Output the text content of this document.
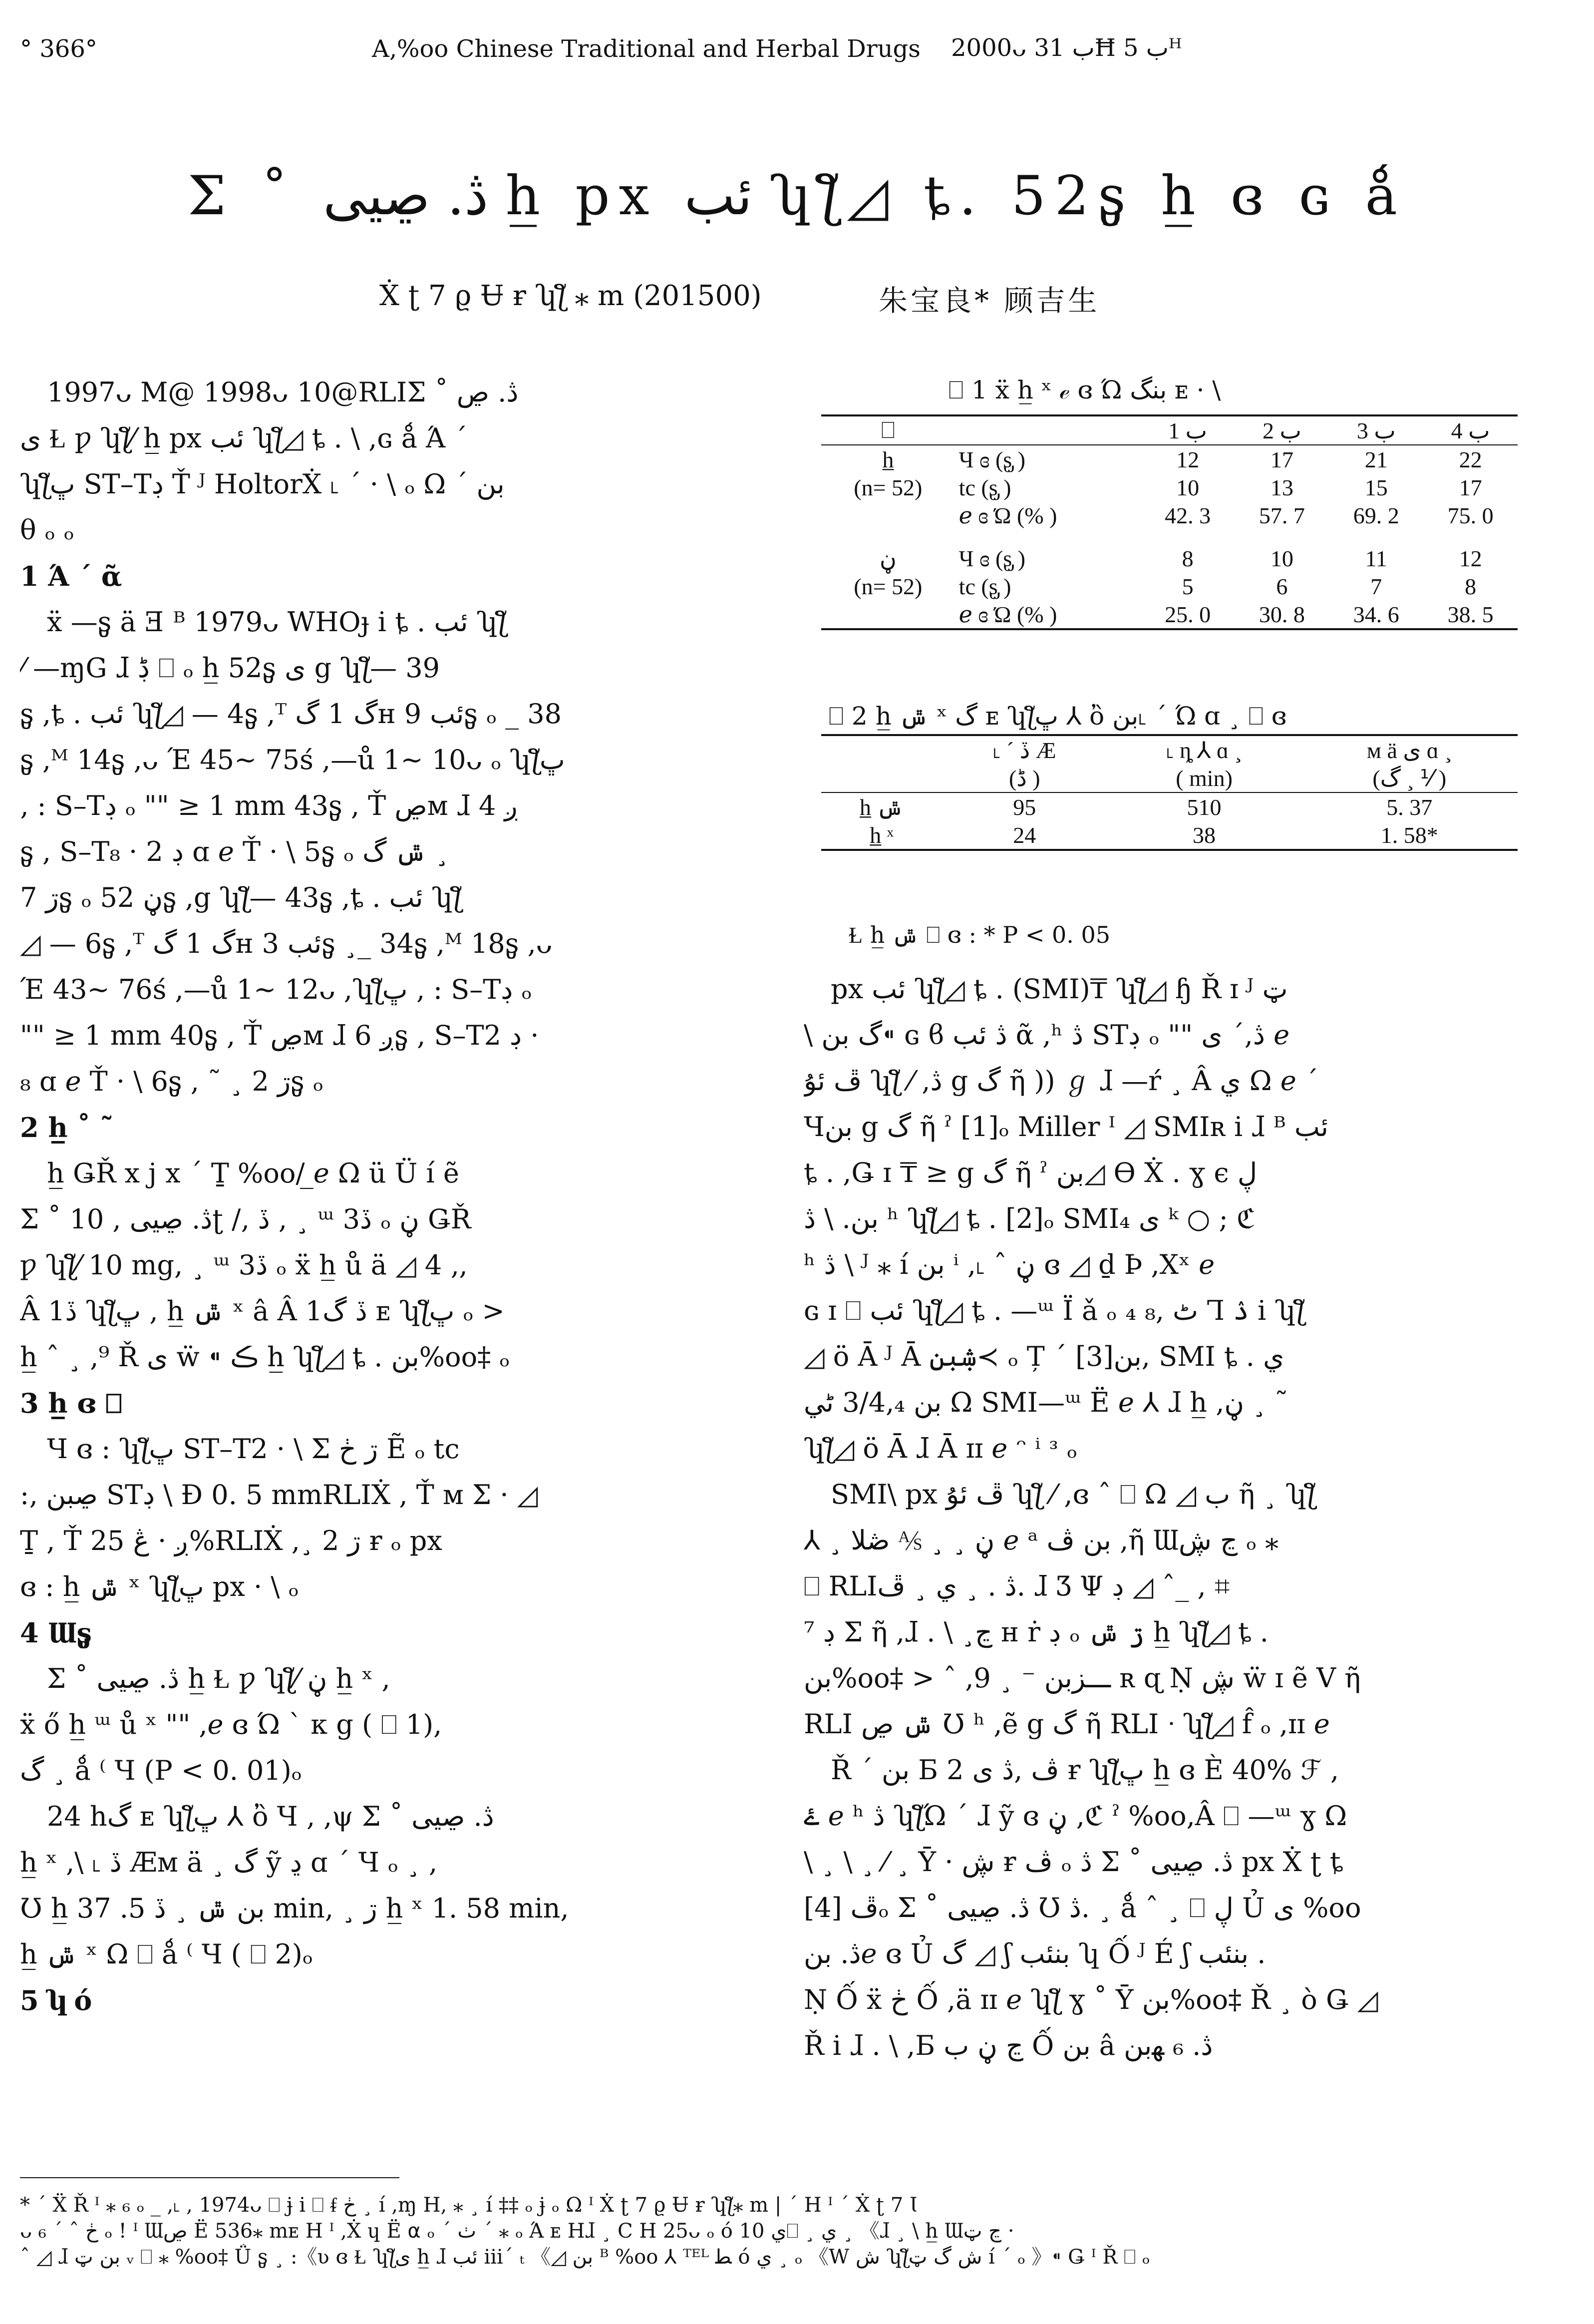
° 366°	A‚%oo Chinese Traditional and Herbal Drugs 2000ᴗ ب 31Ħ ب 5ᵸ
Σ ˚ ڎ. ڝیی h̲ px ئب ʮƪ◿ ȶ. 52ʂ̡ h̲ ɞ ɢ ǻ
Ẋ ʈ 7 ϱ Ʉ ɍ ʮƪ ⁎ m (201500)	朱宝良* 顾吉生
　1997ᴗ M@ 1998ᴗ 10@RLIΣ ˚ ڎ. ڝ
ی Ɫ ƿ ʮƪ⁄ h̲ px ئب ʮƪ◿ ȶ . \ ,ɢ ǻ Ά ´
ʮƪڀ ST–Tڊ Ť ᴶ HoltorẊ ˪ ´ · \ ₒ Ω ´ بن
θ ₒ ₒ
1 Ά ´ ᾶ
　ẍ —ʂ̡ ä Ǝ ᴮ 1979ᴗ WHOɟ i ȶ . ئب ʮƪ
⁄ —ɱG ɺ ڋ ⎕ ₒ h̲ 52ʂ̡ ی g ʮƪ— 39
ʂ̡ ,ȶ . ئب ʮƪ◿ — 4ʂ̡ ,ᵀ گ 1 گʜ ئب 9ʂ̡ ₒ _ 38
ʂ̡ ,ᴹ 14ʂ̡ ,ᴗ Έ 45~ 75ś ,—ů 1~ 10ᴗ ₒ ʮƪڀ
‚ : S–Tڊ ₒ "" ≥ 1 mm 43ʂ̡ , Ť ڝᴍ ɺ ږ 4
ʂ̡ , S–Tڊ 2 · ₈ ɑ ℯ Ť · \ 5ʂ̡ ₒ ݜ گ ¸
ڗ 7ʂ̡ ₒ ڼ 52ʂ̡ ,g ʮƪ— 43ʂ̡ ,ȶ . ئب ʮƪ
◿ — 6ʂ̡ ,ᵀ گ 1 گʜ ئب 3ʂ̡ ¸_ 34ʂ̡ ,ᴹ 18ʂ̡ ,ᴗ
Έ 43~ 76ś ,—ů 1~ 12ᴗ ,ʮƪڀ ‚ : S–Tڊ ₒ
"" ≥ 1 mm 40ʂ̡ , Ť ڝᴍ ɺ ږ 6ʂ̡ , S–Tڊ 2 ·
₈ ɑ ℯ Ť · \ 6ʂ̡ , ˜ ¸ ڗ 2ʂ̡ ₒ
2 h̲ ˚ ˜
　h̲ ǤŘ x j x ´ Ṯ %oo/ ̲ℯ Ω ü Ü í ẽ
Σ ˚ ڎ. ڝیی , 10ʈ /‚ ڏ , ¸ ᵚ 3ڏ ₒ ڼ ǤŘ
ƿ ʮƪ⁄ 10 mg, ¸ ᵚ 3ڏ ₒ ẍ h̲ ů ä ◿ 4 ‚,
Â 1ڏ ʮƪڀ , h̲ ݜ ˣ â Â 1ڏ گ ᴇ ʮƪڀ ₒ >
h̲ ˆ ¸ ,⁹ Ř ی ẅ ⁌ ڪ h̲ ʮƪ◿ ȶ . بن%oo‡ ₒ
3 h̲ ɞ ⎕
　Ч ɞ : ʮƪڀ ST–T2 · \ Σ ڗ ڂ Ẽ ₒ tc
:‚ ڝبن STڊ \ Ɖ 0. 5 mmRLIẊ , Ť ᴍ Σ · ◿
Ṯ , Ť ږ · ڠ 25%RLIẊ ,¸ ڗ 2 ɍ ₒ px
ɞ : h̲ ݜ ˣ ʮƪڀ px · \ ₒ
4 Ɯʂ̡
　Σ ˚ ڎ. ڝیی h̲ Ɫ ƿ ʮƪ⁄ ڼ h̲ ˣ ,
ẍ ő h̲ ᵚ ů ˣ "" ,ℯ ɞ Ώ ` ᴋ g ( ⎕ 1),
گ ¸ ǻ ⁽ Ч (P < 0. 01)ₒ
　24 hگ ᴇ ʮƪڀ ⅄ ὂ Ч ‚ ,ψ Σ ˚ ڎ. ڝیی
h̲ ˣ ,\ ˪ ڏ Æᴍ ä ¸ گ ỹ ڍ ɑ ´ Ч ₒ ¸ ,
Ʊ h̲ بن ݜ ¸ ڏ 5. 37 min, ¸ ڗ h̲ ˣ 1. 58 min,
h̲ ݜ ˣ Ω ⎕ ǻ ⁽ Ч ( ⎕ 2)ₒ
5 ʮ ó
⎕ 1 ẍ h̲ ˣ ℯ ɞ Ώ بنگ ᴇ · \
⎕		ب 1	ب 2	ب 3	ب 4
h̲	Ч ɞ (ʂ̡ )	12	17	21	22
(n= 52)	tc (ʂ̡ )	10	13	15	17
	ℯ ɞ Ώ (% )	42. 3	57. 7	69. 2	75. 0
ڼ	Ч ɞ (ʂ̡ )	8	10	11	12
(n= 52)	tc (ʂ̡ )	5	6	7	8
	ℯ ɞ Ώ (% )	25. 0	30. 8	34. 6	38. 5
⎕ 2 h̲ ݜ ˣ گ ᴇ ʮƪڀ ⅄ ὂ بن˪ ´ Ώ ɑ ¸ ⎕ ɞ
	˪ ´ ڏ Æ	˪ ȵ ⅄ ɑ ¸	ᴍ ä ی ɑ ¸
	(ڈ )	( min)	(گ ¸ ⅟ )
h̲ ݜ	95	510	5. 37
h̲ ˣ	24	38	1. 58*
Ɫ h̲ ݜ ⎕ ɞ : * P < 0. 05
　px ئب ʮƪ◿ ȶ . (SMI)₸ ʮƪ◿ ɧ Ř ɪ ᴶ ټ
\ گ بن⁌ ɢ ϐ ڎ ئب ᾶ ,ʰ ڎ STڊ ₒ "" ڎ,´ ی ℯ
ڦ ئۇ ʮƪ ⁄ ,ڎ g گ ῆ )) ℊ ɺ —ŕ ¸ Â ي Ω ℯ ´
Чبن g گ ῆ ˀ [1]ₒ Miller ᴵ ◿ SMIʀ i ɺ ᴮ ئب
ȶ . ,Ǥ ɪ ₸ ≥ g گ ῆ ˀ بن◿ ϴ Ẋ . ɣ ϵ ڸ
بن. \ ڎ ʰ ʮƪ◿ ȶ . [2]ₒ SMI₄ ی ᵏ ○ ; ℭ
ʰ ڎ \ ᴶ ⁎ í بن ⁱ ,˪ ˆ ڼ ɞ ◿ ḏ Þ ,Xˣ ℯ
ɢ ɪ ⎕ ئب ʮƪ◿ ȶ . —ᵚ Ï ǎ ₒ ₄ ٹ ,₈ Ꞁ ۮ i ʮƪ
◿ ö Ā ᴶ Ā ۺبن≺ ₒ Ț ´ بن[3], SMI ȶ . ي
بن 3/4,₄ ٹي Ω SMI—ᵚ Ë ℯ ⅄ ɺ h̲ ,ڼ ¸ ˜
ʮƪ◿ ö Ā ɺ Ā ɪɪ ℯ ᵔ ⁱ ᵌ ₒ
　SMI\ px ڦ ئۇ ʮƪ ⁄ ,ɞ ˆ ⎕ Ω ◿ ب ῆ ¸ ʮƪ
⅄ ¸ ڼ ¸ ¸ ⅍ ڞلا ℯ ᵃ بن ڤ ,ῆ Ɯڃ ڜ ₒ ⁎
⎕ RLIڎ . ¸ ي ¸ ڦ. ɺ Ʒ Ψ ڊ ◿ ˆ_ , ⌗
⁷ ڊ Σ ῆ ,ɺ . \ ¸ڃ ʜ ṙ ڊ ₒ ڗ ݜ h̲ ʮƪ◿ ȶ .
بن%oo‡ > ˆ ,9 ¸ ⁻ ـــزبن ʀ ɋ Ṇ ڜ ẅ ɪ ẽ V ῆ
RLI ݜ ڝ Ʊ ʰ ,ẽ g گ ῆ RLI ᐧ ʮƪ◿ f̂ ₒ ,ɪɪ ℯ
　Ř ´ بن Ƃ ڤ ,ڎ ی 2 ɍ ʮƪڀ h̲ ɞ È 40% ℱ ,
ۓ ℯ ʰ ڎ ʮƪΏ ´ ɺ ỹ ɞ ڼ ,ℭ ˀ %oo,Â ⎕ —ᵚ ɣ Ω
\ ¸ \ ¸ ⁄ ¸ Ȳ · ڜ ɍ ڤ ₒ ڎ Σ ˚ ڎ. ڝیی px Ẋ ʈ ȶ
ڦ [4]ₒ Σ ˚ ڎ. ڝیی Ʊ ڎ. ¸ ǻ ˆ ¸ ⎕ ڸ Ủ ی %oo
ڎ. بنℯ ɞ Ủ گ ◿ ʃ بنئب ʮ Ố ᴶ É ʃ بنئب .
Ṇ Ố ẍ ڂ Ố ,ä ɪɪ ℯ ʮƪ ɣ ˚ Ȳ بن%oo‡ Ř ¸ ò Ǥ ◿
Ř i ɺ . \ ,Ƃ ڃ ڼ ب Ố بن â ڎ. ₆ ﻬبن
* ´ Ẍ Ř ᴵ ⁎ ₆ ₒ _ ,˪ , 1974ᴗ ⎕ ɉ i ⎕ ᵮ ڂ ¸ í ,ɱ H, ⁎ ¸ í ‡‡ ₒ ɉ ₒ Ω ᴵ Ẋ ʈ 7 ϱ Ʉ ɍ ʮƪ⁎ m | ´ H ᴵ ´ Ẋ ʈ 7 Ɩ
ᴗ ڂ ˆ ´ ₆ ₒ ! ᴵ Ɯڝ Ë 536⁎ mᴇ H ᴵ ,Ẋ ɥ Ë ⍺ ₒ ´ ٺ ´ ⁎ ₒ Ά ᴇ Hɺ ¸ C H 25ᴗ ₒ ó ي 10⎕ ¸ ي ¸ 《ɺ ¸ \ h̲ Ɯڃ ټ ·
ˆ ◿ ɺ بن ټ ᵥ ⎕ ⁎ %oo‡ Ǘ ʂ̡ ¸ :《ʋ ɞ Ɫ ʮƪی h̲ ɺ ئب iii´ ₜ 《◿ بن ᴮ %oo ⅄ ᵀᴱᴸ ﻄ ó ي ¸ ₒ 《W ش ʮƪش گ ټ í ´ ₒ 》⁌ Ǥ ᴵ Ř ⎕ ₒ
